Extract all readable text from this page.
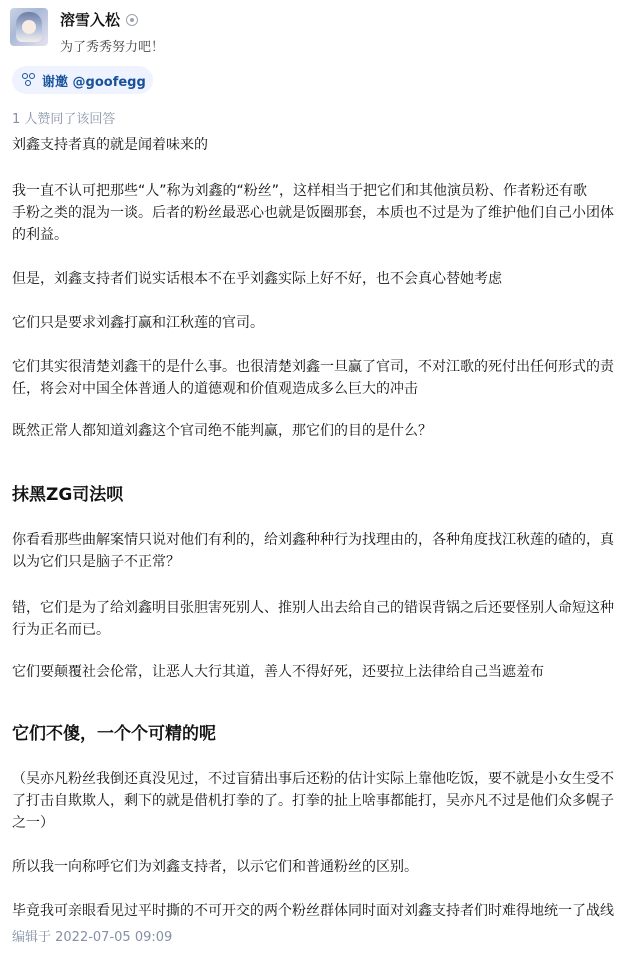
溶雪入松
为了秀秀努力吧！
谢邀 @goofegg
1 人赞同了该回答

刘鑫支持者真的就是闻着味来的

我一直不认可把那些“人”称为刘鑫的“粉丝”，这样相当于把它们和其他演员粉、作者粉还有歌

手粉之类的混为一谈。后者的粉丝最恶心也就是饭圈那套，本质也不过是为了维护他们自己小团体

的利益。

但是，刘鑫支持者们说实话根本不在乎刘鑫实际上好不好，也不会真心替她考虑

它们只是要求刘鑫打赢和江秋莲的官司。

它们其实很清楚刘鑫干的是什么事。也很清楚刘鑫一旦赢了官司，不对江歌的死付出任何形式的责

任，将会对中国全体普通人的道德观和价值观造成多么巨大的冲击

既然正常人都知道刘鑫这个官司绝不能判赢，那它们的目的是什么？

抹黑ZG司法呗

你看看那些曲解案情只说对他们有利的，给刘鑫种种行为找理由的，各种角度找江秋莲的碴的，真

以为它们只是脑子不正常？

错，它们是为了给刘鑫明目张胆害死别人、推别人出去给自己的错误背锅之后还要怪别人命短这种

行为正名而已。

它们要颠覆社会伦常，让恶人大行其道，善人不得好死，还要拉上法律给自己当遮羞布

它们不傻，一个个可精的呢

（吴亦凡粉丝我倒还真没见过，不过盲猜出事后还粉的估计实际上靠他吃饭，要不就是小女生受不

了打击自欺欺人，剩下的就是借机打拳的了。打拳的扯上啥事都能打，吴亦凡不过是他们众多幌子

之一）

所以我一向称呼它们为刘鑫支持者，以示它们和普通粉丝的区别。

毕竟我可亲眼看见过平时撕的不可开交的两个粉丝群体同时面对刘鑫支持者们时难得地统一了战线

编辑于 2022-07-05 09:09
